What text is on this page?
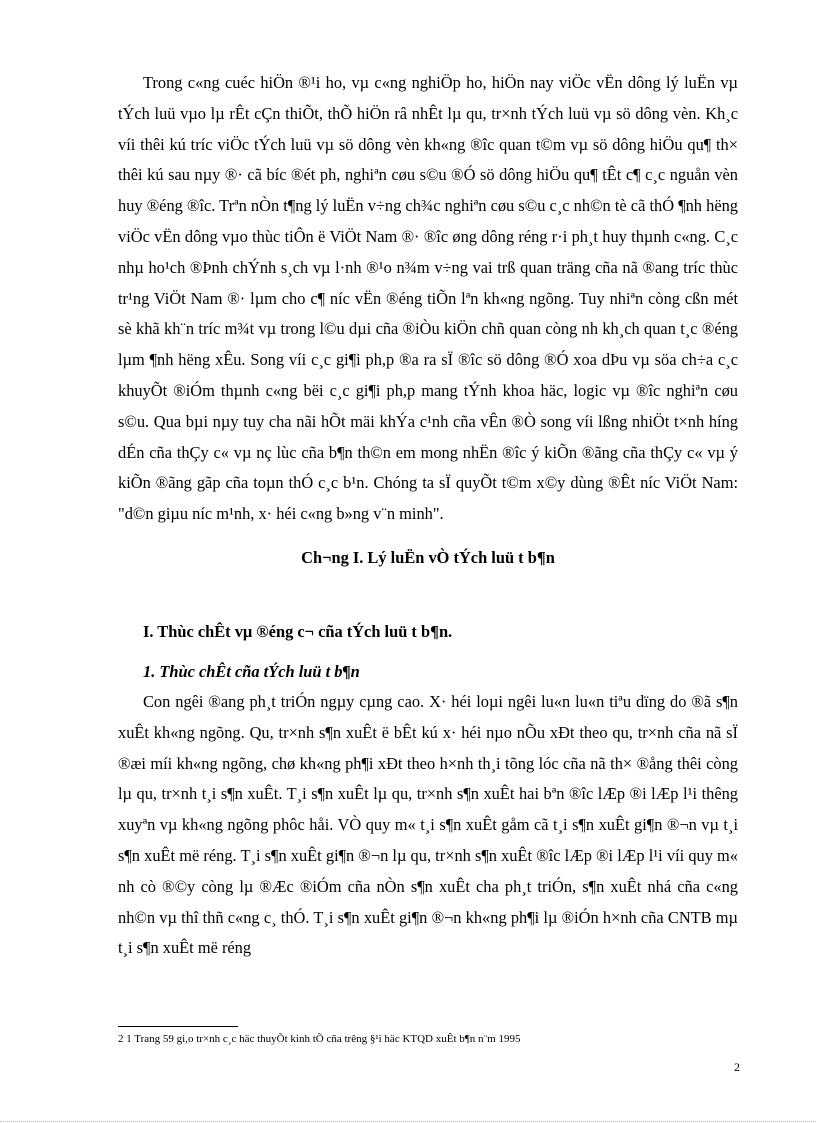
Trong c«ng cuéc hiÖn ®¹i ho, vµ c«ng nghiÖp ho, hiÖn nay viÖc vËn dông lý luËn vµ tÝch luü vµo lµ rÊt cÇn thiÕt, thÕ hiÖn râ nhÊt lµ qu, tr×nh tÝch luü vµ sö dông vèn. Kh¸c víi thêi kú tríc viÖc tÝch luü vµ sö dông vèn kh«ng ®îc quan t©m vµ sö dông hiÖu qu¶ th× thêi kú sau nµy ®· cã bíc ®ét ph, nghiªn cøu s©u ®Ó sö dông hiÖu qu¶ tÊt c¶ c¸c nguån vèn huy ®éng ®îc. Trªn nÒn t¶ng lý luËn v÷ng ch¾c nghiªn cøu s©u c¸c nh©n tè cã thÓ ¶nh hëng viÖc vËn dông vµo thùc tiÔn ë ViÖt Nam ®· ®îc øng dông réng r·i ph¸t huy thµnh c«ng. C¸c nhµ ho¹ch ®Þnh chÝnh s¸ch vµ l·nh ®¹o n¾m v÷ng vai trß quan träng cña nã ®ang tríc thùc tr¹ng ViÖt Nam ®· lµm cho c¶ níc vËn ®éng tiÕn lªn kh«ng ngõng. Tuy nhiªn còng cßn mét sè khã kh¨n tríc m¾t vµ trong l©u dµi cña ®iÒu kiÖn chñ quan còng nh kh¸ch quan t¸c ®éng lµm ¶nh hëng xÊu. Song víi c¸c gi¶i ph,p ®a ra sÏ ®îc sö dông ®Ó xoa dÞu vµ söa ch÷a c¸c khuyÕt ®iÓm thµnh c«ng bëi c¸c gi¶i ph,p mang tÝnh khoa häc, logic vµ ®îc nghiªn cøu s©u. Qua bµi nµy tuy cha nãi hÕt mäi khÝa c¹nh cña vÊn ®Ò song víi lßng nhiÖt t×nh híng dÉn cña thÇy c« vµ nç lùc cña b¶n th©n em mong nhËn ®îc ý kiÕn ®ãng cña thÇy c« vµ ý kiÕn ®ãng gãp cña toµn thÓ c¸c b¹n. Chóng ta sÏ quyÕt t©m x©y dùng ®Êt níc ViÖt Nam: "d©n giµu níc m¹nh, x· héi c«ng b»ng v¨n minh".

Ch¬ng I. Lý luËn vÒ tÝch luü t b¶n
I. Thùc chÊt vµ ®éng c¬ cña tÝch luü t b¶n.
1. Thùc chÊt cña tÝch luü t b¶n

Con ngêi ®ang ph¸t triÓn ngµy cµng cao. X· héi loµi ngêi lu«n lu«n tiªu dïng do ®ã s¶n xuÊt kh«ng ngõng. Qu, tr×nh s¶n xuÊt ë bÊt kú x· héi nµo nÕu xÐt theo qu, tr×nh cña nã sÏ ®æi míi kh«ng ngõng, chø kh«ng ph¶i xÐt theo h×nh th¸i tõng lóc cña nã th× ®ång thêi còng lµ qu, tr×nh t¸i s¶n xuÊt. T¸i s¶n xuÊt lµ qu, tr×nh s¶n xuÊt hai bªn ®îc lÆp ®i lÆp l¹i thêng xuyªn vµ kh«ng ngõng phôc håi. VÒ quy m« t¸i s¶n xuÊt gåm cã t¸i s¶n xuÊt gi¶n ®¬n vµ t¸i s¶n xuÊt më réng. T¸i s¶n xuÊt gi¶n ®¬n lµ qu, tr×nh s¶n xuÊt ®îc lÆp ®i lÆp l¹i víi quy m« nh cò ®©y còng lµ ®Æc ®iÓm cña nÒn s¶n xuÊt cha ph¸t triÓn, s¶n xuÊt nhá cña c«ng nh©n vµ thî thñ c«ng c¸ thÓ. T¸i s¶n xuÊt gi¶n ®¬n kh«ng ph¶i lµ ®iÓn h×nh cña CNTB mµ t¸i s¶n xuÊt më réng

2 1 Trang 59 gi,o tr×nh c¸c häc thuyÕt kinh tÕ cña trêng §¹i häc KTQD xuÊt b¶n n¨m 1995
2
